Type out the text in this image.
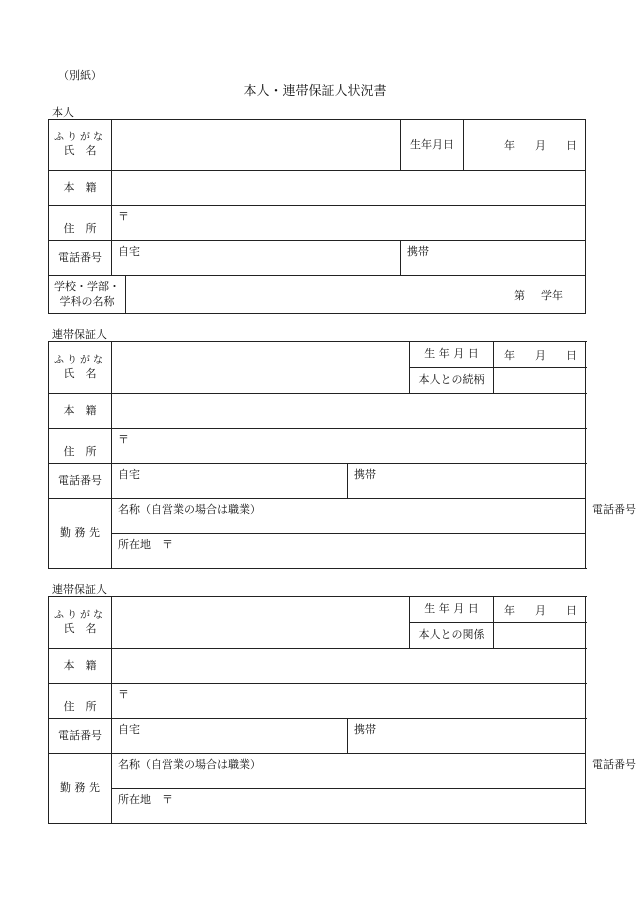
（別紙）
本人・連帯保証人状況書
本人
ふりがな
氏　名			生年月日	年 月 日
本　籍				
住　所	〒			

電話番号	自宅		携帯	

学校・学部・
学科の名称		第 学年		
連帯保証人
ふりがな
氏　名			生 年 月 日	年 月 日	
			本人との続柄		
本　籍					
住　所	〒				

電話番号	自宅	携帯			

勤 務 先	名称（自営業の場合は職業）				電話番号

	所在地　〒				
連帯保証人
ふりがな
氏　名			生 年 月 日	年 月 日	
			本人との関係		
本　籍					
住　所	〒				

電話番号	自宅	携帯			

勤 務 先	名称（自営業の場合は職業）				電話番号

	所在地　〒				
